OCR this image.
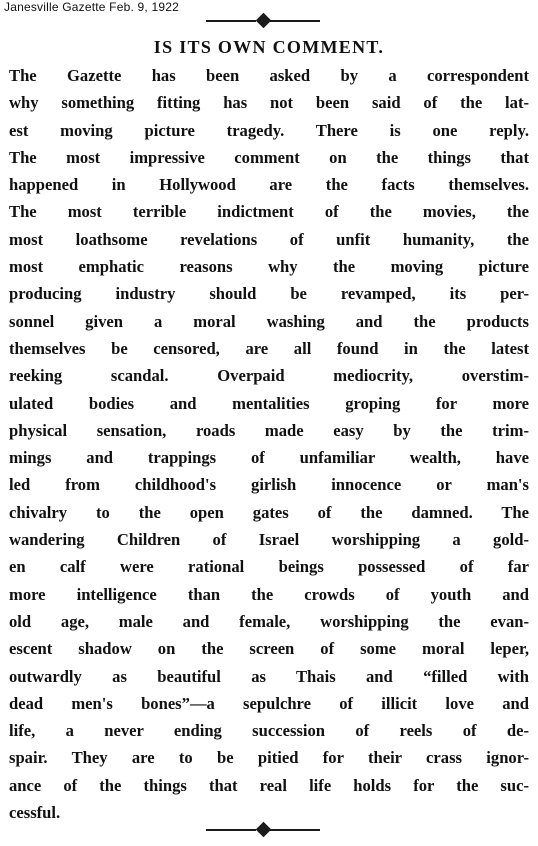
Janesville Gazette Feb. 9, 1922
IS ITS OWN COMMENT.
The Gazette has been asked by a correspondent
why something fitting has not been said of the lat-
est moving picture tragedy. There is one reply.
The most impressive comment on the things that
happened in Hollywood are the facts themselves.
The most terrible indictment of the movies, the
most loathsome revelations of unfit humanity, the
most emphatic reasons why the moving picture
producing industry should be revamped, its per-
sonnel given a moral washing and the products
themselves be censored, are all found in the latest
reeking scandal. Overpaid mediocrity, overstim-
ulated bodies and mentalities groping for more
physical sensation, roads made easy by the trim-
mings and trappings of unfamiliar wealth, have
led from childhood's girlish innocence or man's
chivalry to the open gates of the damned. The
wandering Children of Israel worshipping a gold-
en calf were rational beings possessed of far
more intelligence than the crowds of youth and
old age, male and female, worshipping the evan-
escent shadow on the screen of some moral leper,
outwardly as beautiful as Thais and “filled with
dead men's bones”—a sepulchre of illicit love and
life, a never ending succession of reels of de-
spair. They are to be pitied for their crass ignor-
ance of the things that real life holds for the suc-
cessful.
